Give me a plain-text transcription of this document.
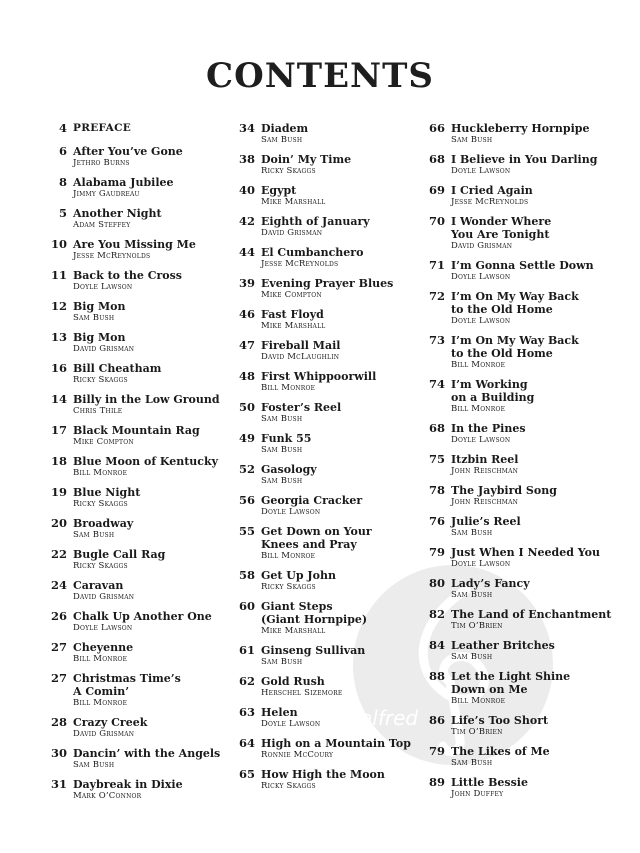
CONTENTS
alfred
4 PREFACE
6 After You’ve Gone
Jethro Burns
8 Alabama Jubilee
Jimmy Gaudreau
5 Another Night
Adam Steffey
10 Are You Missing Me
Jesse McReynolds
11 Back to the Cross
Doyle Lawson
12 Big Mon
Sam Bush
13 Big Mon
David Grisman
16 Bill Cheatham
Ricky Skaggs
14 Billy in the Low Ground
Chris Thile
17 Black Mountain Rag
Mike Compton
18 Blue Moon of Kentucky
Bill Monroe
19 Blue Night
Ricky Skaggs
20 Broadway
Sam Bush
22 Bugle Call Rag
Ricky Skaggs
24 Caravan
David Grisman
26 Chalk Up Another One
Doyle Lawson
27 Cheyenne
Bill Monroe
27 Christmas Time’s
A Comin’
Bill Monroe
28 Crazy Creek
David Grisman
30 Dancin’ with the Angels
Sam Bush
31 Daybreak in Dixie
Mark O’Connor
34 Diadem
Sam Bush
38 Doin’ My Time
Ricky Skaggs
40 Egypt
Mike Marshall
42 Eighth of January
David Grisman
44 El Cumbanchero
Jesse McReynolds
39 Evening Prayer Blues
Mike Compton
46 Fast Floyd
Mike Marshall
47 Fireball Mail
David McLaughlin
48 First Whippoorwill
Bill Monroe
50 Foster’s Reel
Sam Bush
49 Funk 55
Sam Bush
52 Gasology
Sam Bush
56 Georgia Cracker
Doyle Lawson
55 Get Down on Your
Knees and Pray
Bill Monroe
58 Get Up John
Ricky Skaggs
60 Giant Steps
(Giant Hornpipe)
Mike Marshall
61 Ginseng Sullivan
Sam Bush
62 Gold Rush
Herschel Sizemore
63 Helen
Doyle Lawson
64 High on a Mountain Top
Ronnie McCoury
65 How High the Moon
Ricky Skaggs
66 Huckleberry Hornpipe
Sam Bush
68 I Believe in You Darling
Doyle Lawson
69 I Cried Again
Jesse McReynolds
70 I Wonder Where
You Are Tonight
David Grisman
71 I’m Gonna Settle Down
Doyle Lawson
72 I’m On My Way Back
to the Old Home
Doyle Lawson
73 I’m On My Way Back
to the Old Home
Bill Monroe
74 I’m Working
on a Building
Bill Monroe
68 In the Pines
Doyle Lawson
75 Itzbin Reel
John Reischman
78 The Jaybird Song
John Reischman
76 Julie’s Reel
Sam Bush
79 Just When I Needed You
Doyle Lawson
80 Lady’s Fancy
Sam Bush
82 The Land of Enchantment
Tim O’Brien
84 Leather Britches
Sam Bush
88 Let the Light Shine
Down on Me
Bill Monroe
86 Life’s Too Short
Tim O’Brien
79 The Likes of Me
Sam Bush
89 Little Bessie
John Duffey
